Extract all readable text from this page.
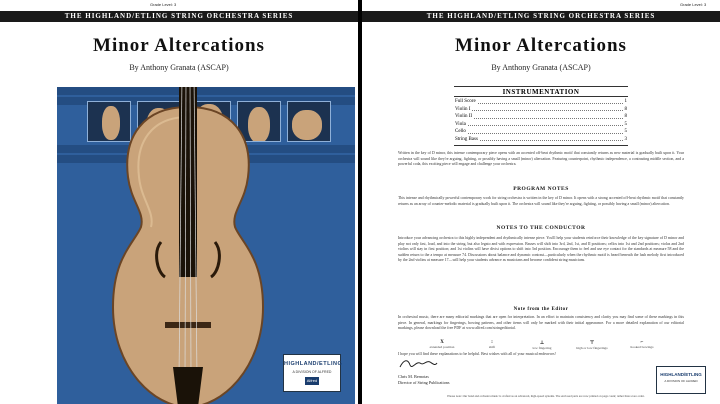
Grade Level: 3
THE HIGHLAND/ETLING STRING ORCHESTRA SERIES
Minor Altercations
By Anthony Granata (ASCAP)
HIGHLAND/ETLING
A DIVISION OF ALFRED
Alfred
Grade Level: 3
THE HIGHLAND/ETLING STRING ORCHESTRA SERIES
Minor Altercations
By Anthony Granata (ASCAP)
INSTRUMENTATION
Full Score	1
Violin I	8
Violin II	8
Viola	5
Cello	5
String Bass	3
Written in the key of D minor, this intense contemporary piece opens with an accented off-beat rhythmic motif that constantly returns as new material is gradually built upon it. Your orchestra will sound like they're arguing, fighting, or possibly having a small (minor) altercation. Featuring counterpoint, rhythmic independence, a contrasting middle section, and a powerful coda, this exciting piece will engage and challenge your orchestra.
PROGRAM NOTES
This intense and rhythmically powerful contemporary work for string orchestra is written in the key of D minor. It opens with a strong accented off-beat rhythmic motif that constantly returns as an array of counter-melodic material is gradually built upon it. The orchestra will sound like they're arguing, fighting, or possibly having a small (minor) altercation.
NOTES TO THE CONDUCTOR
Introduce your advancing orchestra to this highly independent and rhythmically intense piece. You'll help your students reinforce their knowledge of the key signature of D minor and play not only fast, loud, and into the string, but also legato and with expression. Basses will shift into 3rd, 2nd, 1st, and II positions; cellos into 1st and 2nd positions; violas and 2nd violins will stay in first position; and 1st violins will have divisi options to shift into 3rd position. Encourage them to feel and use eye contact for the standards at measure 58 and the sudden return to the a tempo at measure 74. Discussions about balance and dynamic contrast—particularly when the rhythmic motif is heard beneath the lush melody first introduced by the 2nd violins at measure 17—will help your students advance as musicians and become confident string musicians.
Note from the Editor
In orchestral music, there are many editorial markings that are open for interpretation. In an effort to maintain consistency and clarity you may find some of these markings in this piece. In general, markings for fingerings, bowing patterns, and other items will only be marked with their initial appearance. For a more detailed explanation of our editorial markings, please download the free PDF at www.alfred.com/stringeditorial.
X
extended position
↕
shift
⊥
low fingering
⊤
high or low fingerings
⌐
hooked bowings
I hope you will find these explanations to be helpful. Best wishes with all of your musical endeavors!
Chris M. Bernotas
Director of String Publications
HIGHLAND/ETLING
A DIVISION OF ALFRED
Please note: Our band and orchestra music is crafted as an advanced, high-speed systems. The enclosed parts are now printed on page count; rather than score order.
